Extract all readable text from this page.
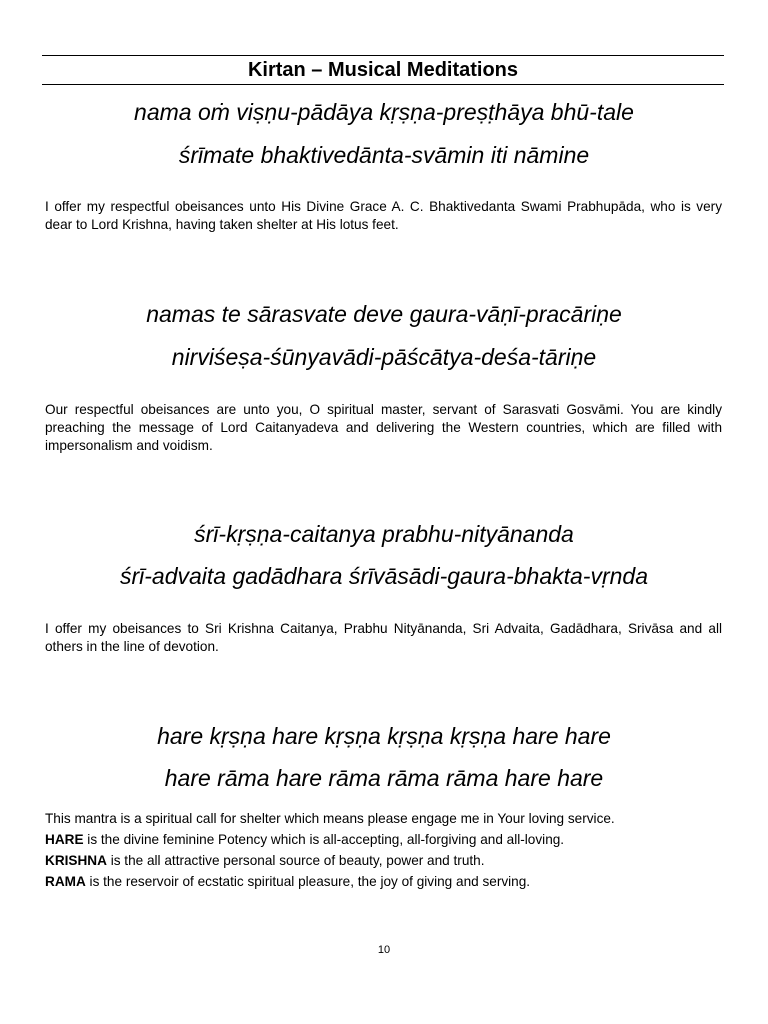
Kirtan – Musical Meditations

nama oṁ viṣṇu-pādāya kṛṣṇa-preṣṭhāya bhū-tale

śrīmate bhaktivedānta-svāmin iti nāmine

I offer my respectful obeisances unto His Divine Grace A. C. Bhaktivedanta Swami Prabhupāda, who is very dear to Lord Krishna, having taken shelter at His lotus feet.

namas te sārasvate deve gaura-vāṇī-pracāriṇe

nirviśeṣa-śūnyavādi-pāścātya-deśa-tāriṇe

Our respectful obeisances are unto you, O spiritual master, servant of Sarasvati Gosvāmi. You are kindly preaching the message of Lord Caitanyadeva and delivering the Western countries, which are filled with impersonalism and voidism.

śrī-kṛṣṇa-caitanya prabhu-nityānanda

śrī-advaita gadādhara śrīvāsādi-gaura-bhakta-vṛnda

I offer my obeisances to Sri Krishna Caitanya, Prabhu Nityānanda, Sri Advaita, Gadādhara, Srivāsa and all others in the line of devotion.

hare kṛṣṇa hare kṛṣṇa kṛṣṇa kṛṣṇa hare hare

hare rāma hare rāma rāma rāma hare hare

This mantra is a spiritual call for shelter which means please engage me in Your loving service.
HARE is the divine feminine Potency which is all-accepting, all-forgiving and all-loving.
KRISHNA is the all attractive personal source of beauty, power and truth.
RAMA is the reservoir of ecstatic spiritual pleasure, the joy of giving and serving.

10
